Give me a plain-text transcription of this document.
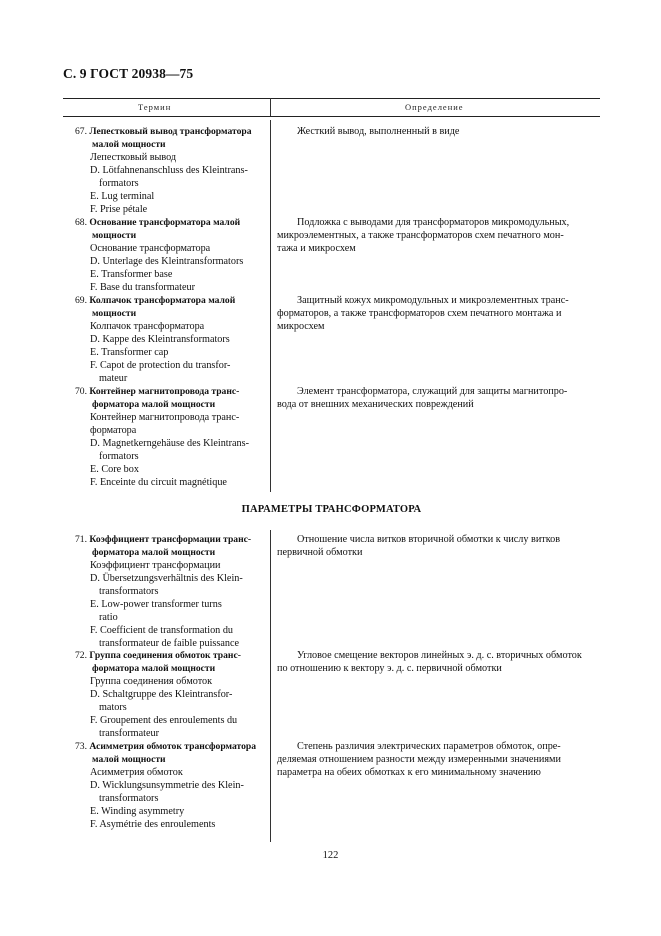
С. 9 ГОСТ 20938—75
Термин	Определение
67. Лепестковый вывод трансформатора
малой мощности
Лепестковый вывод
D. Lötfahnenanschluss des Kleintrans-
formators
E. Lug terminal
F. Prise pétale
Жесткий вывод, выполненный в виде
68. Основание трансформатора малой
мощности
Основание трансформатора
D. Unterlage des Kleintransformators
E. Transformer base
F. Base du transformateur
Подложка с выводами для трансформаторов микромодульных,
микроэлементных, а также трансформаторов схем печатного мон-
тажа и микросхем
69. Колпачок трансформатора малой
мощности
Колпачок трансформатора
D. Kappe des Kleintransformators
E. Transformer cap
F. Capot de protection du transfor-
mateur
Защитный кожух микромодульных и микроэлементных транс-
форматоров, а также трансформаторов схем печатного монтажа и
микросхем
70. Контейнер магнитопровода транс-
форматора малой мощности
Контейнер магнитопровода транс-
форматора
D. Magnetkerngehäuse des Kleintrans-
formators
E. Core box
F. Enceinte du circuit magnétique
Элемент трансформатора, служащий для защиты магнитопро-
вода от внешних механических повреждений
ПАРАМЕТРЫ ТРАНСФОРМАТОРА
71. Коэффициент трансформации транс-
форматора малой мощности
Коэффициент трансформации
D. Übersetzungsverhältnis des Klein-
transformators
E. Low-power transformer turns
ratio
F. Coefficient de transformation du
transformateur de faible puissance
Отношение числа витков вторичной обмотки к числу витков
первичной обмотки
72. Группа соединения обмоток транс-
форматора малой мощности
Группа соединения обмоток
D. Schaltgruppe des Kleintransfor-
mators
F. Groupement des enroulements du
transformateur
Угловое смещение векторов линейных э. д. с. вторичных обмоток
по отношению к вектору э. д. с. первичной обмотки
73. Асимметрия обмоток трансформатора
малой мощности
Асимметрия обмоток
D. Wicklungsunsymmetrie des Klein-
transformators
E. Winding asymmetry
F. Asymétrie des enroulements
Степень различия электрических параметров обмоток, опре-
деляемая отношением разности между измеренными значениями
параметра на обеих обмотках к его минимальному значению
122
